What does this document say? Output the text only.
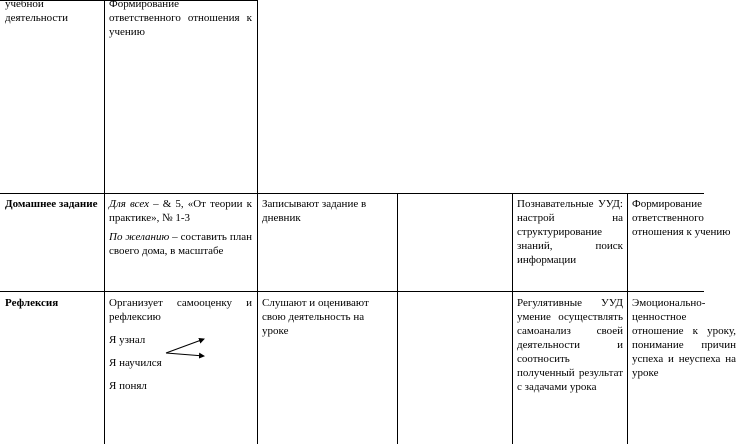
учебной деятельности
Формирование ответственного отношения к учению
Домашнее задание	Для всех – & 5, «От теории к практике», № 1-3

По желанию – составить план своего дома, в масштабе

Записывают задание в дневник
Познавательные УУД: настрой на структурирование знаний, поиск информации
Формирование ответственного отношения к учению
Рефлексия	Организует самооценку и рефлексию
Я узнал
Я научился
Я понял
Слушают и оценивают свою деятельность на уроке
Регулятивные УУД умение осуществлять самоанализ своей деятельности и соотносить полученный результат с задачами урока
Эмоционально-ценностное отношение к уроку, понимание причин успеха и неуспеха на уроке
